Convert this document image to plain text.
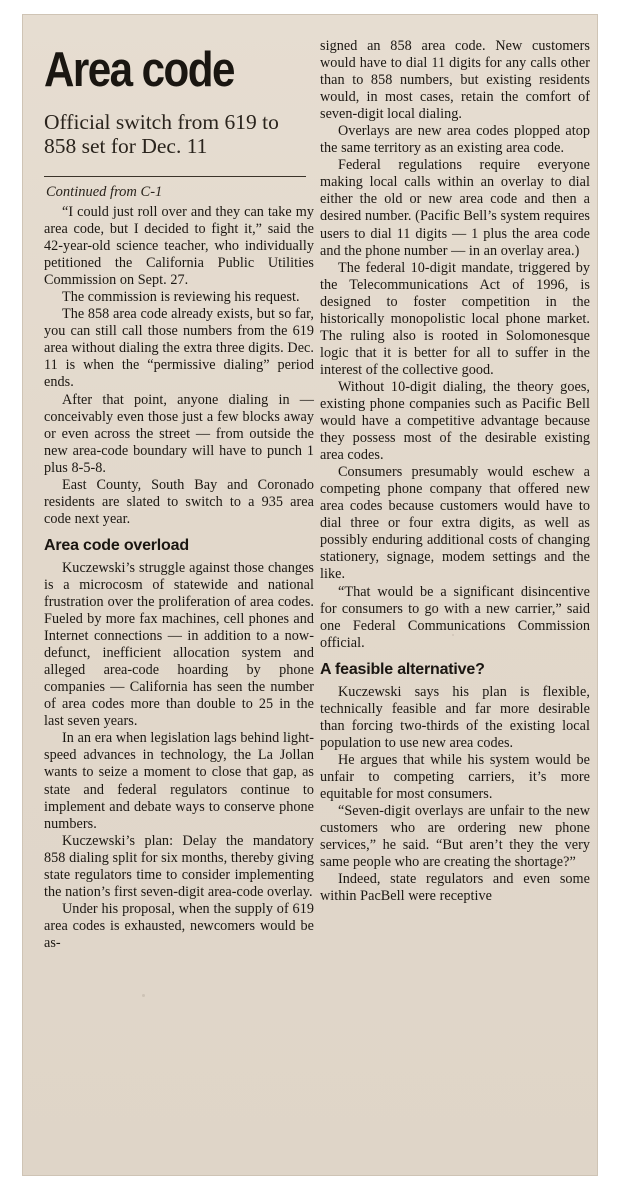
Area code
Official switch from 619 to 858 set for Dec. 11
Continued from C-1

“I could just roll over and they can take my area code, but I decided to fight it,” said the 42-year-old science teacher, who individually petitioned the California Public Utilities Commission on Sept. 27.

The commission is reviewing his request.

The 858 area code already exists, but so far, you can still call those numbers from the 619 area without dialing the extra three digits. Dec. 11 is when the “permissive dialing” period ends.

After that point, anyone dialing in — conceivably even those just a few blocks away or even across the street — from outside the new area-code boundary will have to punch 1 plus 8-5-8.

East County, South Bay and Coronado residents are slated to switch to a 935 area code next year.

Area code overload

Kuczewski’s struggle against those changes is a microcosm of statewide and national frustration over the proliferation of area codes. Fueled by more fax machines, cell phones and Internet connections — in addition to a now-defunct, inefficient allocation system and alleged area-code hoarding by phone companies — California has seen the number of area codes more than double to 25 in the last seven years.

In an era when legislation lags behind light-speed advances in technology, the La Jollan wants to seize a moment to close that gap, as state and federal regulators continue to implement and debate ways to conserve phone numbers.

Kuczewski’s plan: Delay the mandatory 858 dialing split for six months, thereby giving state regulators time to consider implementing the nation’s first seven-digit area-code overlay.

Under his proposal, when the supply of 619 area codes is exhausted, newcomers would be as-

signed an 858 area code. New customers would have to dial 11 digits for any calls other than to 858 numbers, but existing residents would, in most cases, retain the comfort of seven-digit local dialing.

Overlays are new area codes plopped atop the same territory as an existing area code.

Federal regulations require everyone making local calls within an overlay to dial either the old or new area code and then a desired number. (Pacific Bell’s system requires users to dial 11 digits — 1 plus the area code and the phone number — in an overlay area.)

The federal 10-digit mandate, triggered by the Telecommunications Act of 1996, is designed to foster competition in the historically monopolistic local phone market. The ruling also is rooted in Solomonesque logic that it is better for all to suffer in the interest of the collective good.

Without 10-digit dialing, the theory goes, existing phone companies such as Pacific Bell would have a competitive advantage because they possess most of the desirable existing area codes.

Consumers presumably would eschew a competing phone company that offered new area codes because customers would have to dial three or four extra digits, as well as possibly enduring additional costs of changing stationery, signage, modem settings and the like.

“That would be a significant disincentive for consumers to go with a new carrier,” said one Federal Communications Commission official.

A feasible alternative?

Kuczewski says his plan is flexible, technically feasible and far more desirable than forcing two-thirds of the existing local population to use new area codes.

He argues that while his system would be unfair to competing carriers, it’s more equitable for most consumers.

“Seven-digit overlays are unfair to the new customers who are ordering new phone services,” he said. “But aren’t they the very same people who are creating the shortage?”

Indeed, state regulators and even some within PacBell were receptive
